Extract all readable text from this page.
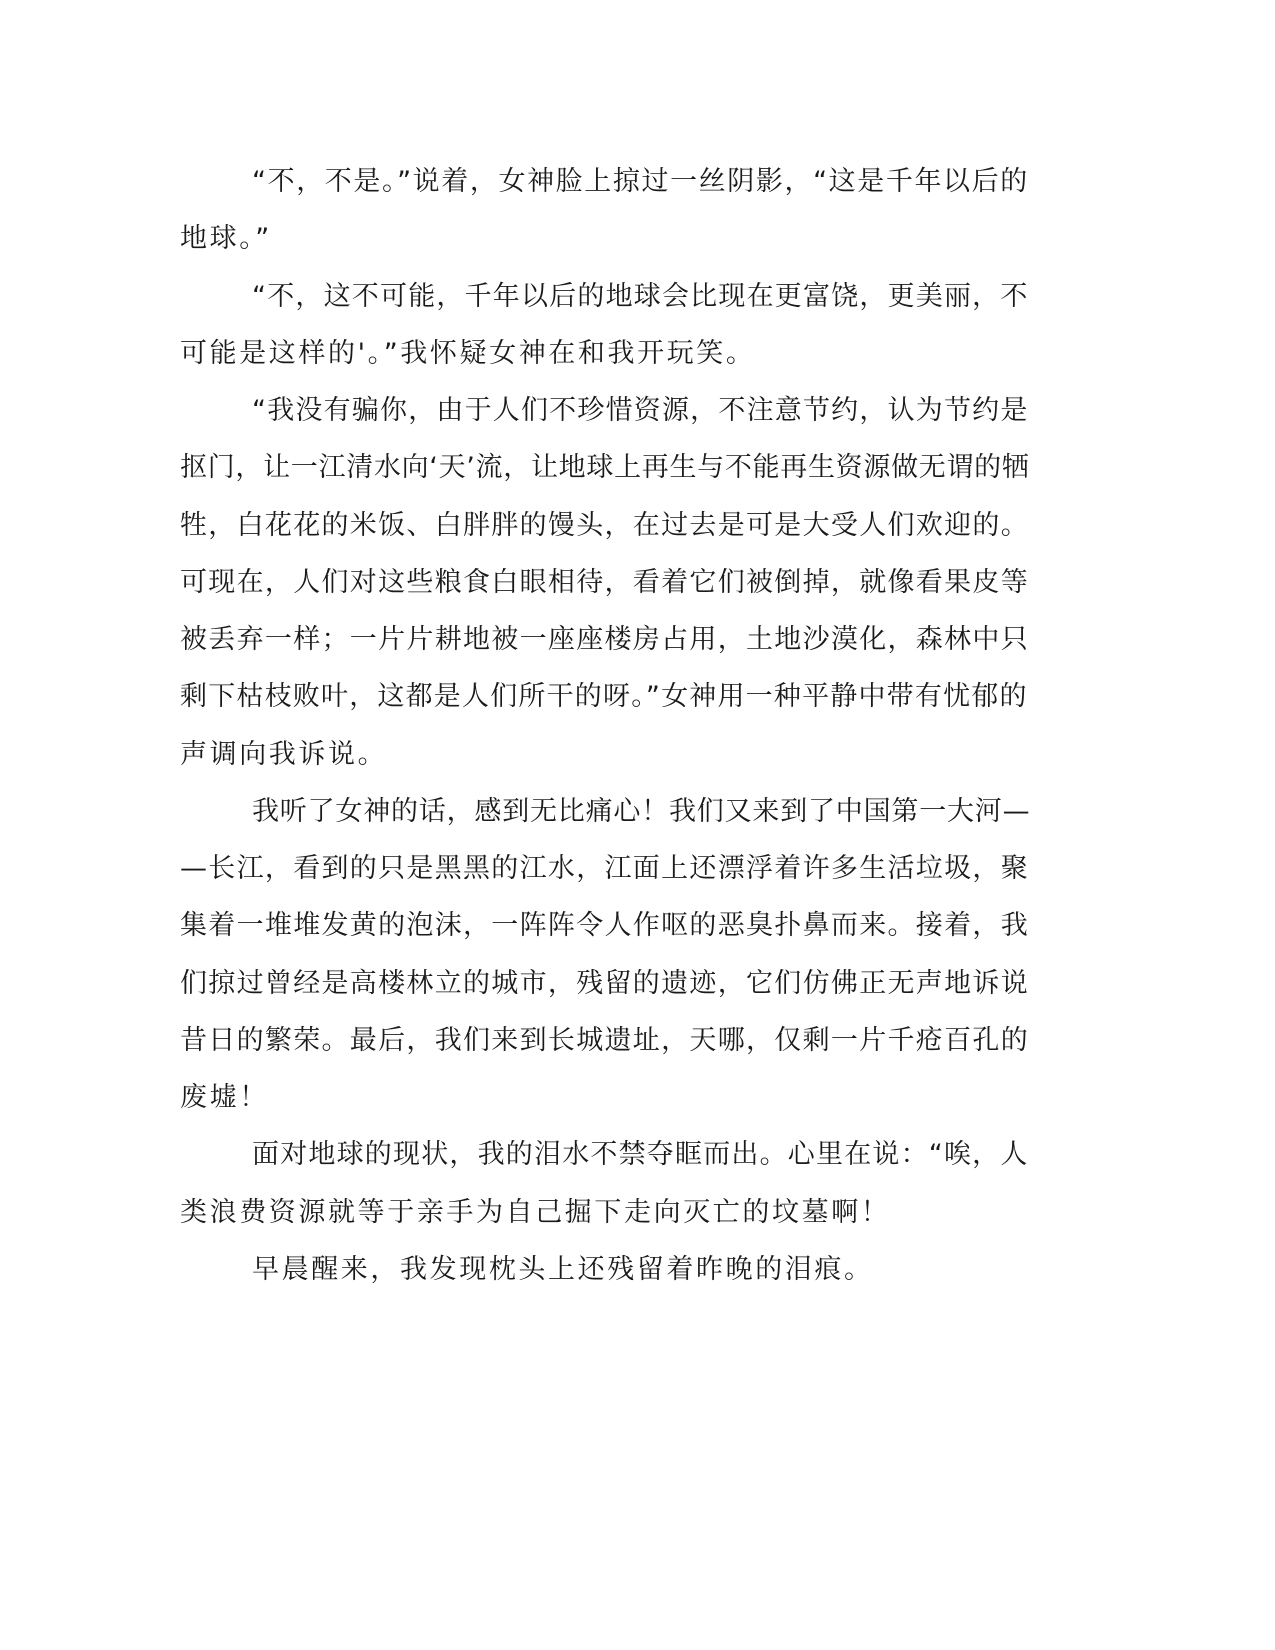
“不，不是。”说着，女神脸上掠过一丝阴影，“这是千年以后的
地球。”
“不，这不可能，千年以后的地球会比现在更富饶，更美丽，不
可能是这样的'。”我怀疑女神在和我开玩笑。
“我没有骗你，由于人们不珍惜资源，不注意节约，认为节约是
抠门，让一江清水向‘天’流，让地球上再生与不能再生资源做无谓的牺
牲，白花花的米饭、白胖胖的馒头，在过去是可是大受人们欢迎的。
可现在，人们对这些粮食白眼相待，看着它们被倒掉，就像看果皮等
被丢弃一样；一片片耕地被一座座楼房占用，土地沙漠化，森林中只
剩下枯枝败叶，这都是人们所干的呀。”女神用一种平静中带有忧郁的
声调向我诉说。
我听了女神的话，感到无比痛心！我们又来到了中国第一大河—
—长江，看到的只是黑黑的江水，江面上还漂浮着许多生活垃圾，聚
集着一堆堆发黄的泡沫，一阵阵令人作呕的恶臭扑鼻而来。接着，我
们掠过曾经是高楼林立的城市，残留的遗迹，它们仿佛正无声地诉说
昔日的繁荣。最后，我们来到长城遗址，天哪，仅剩一片千疮百孔的
废墟！
面对地球的现状，我的泪水不禁夺眶而出。心里在说：“唉，人
类浪费资源就等于亲手为自己掘下走向灭亡的坟墓啊！
早晨醒来，我发现枕头上还残留着昨晚的泪痕。
